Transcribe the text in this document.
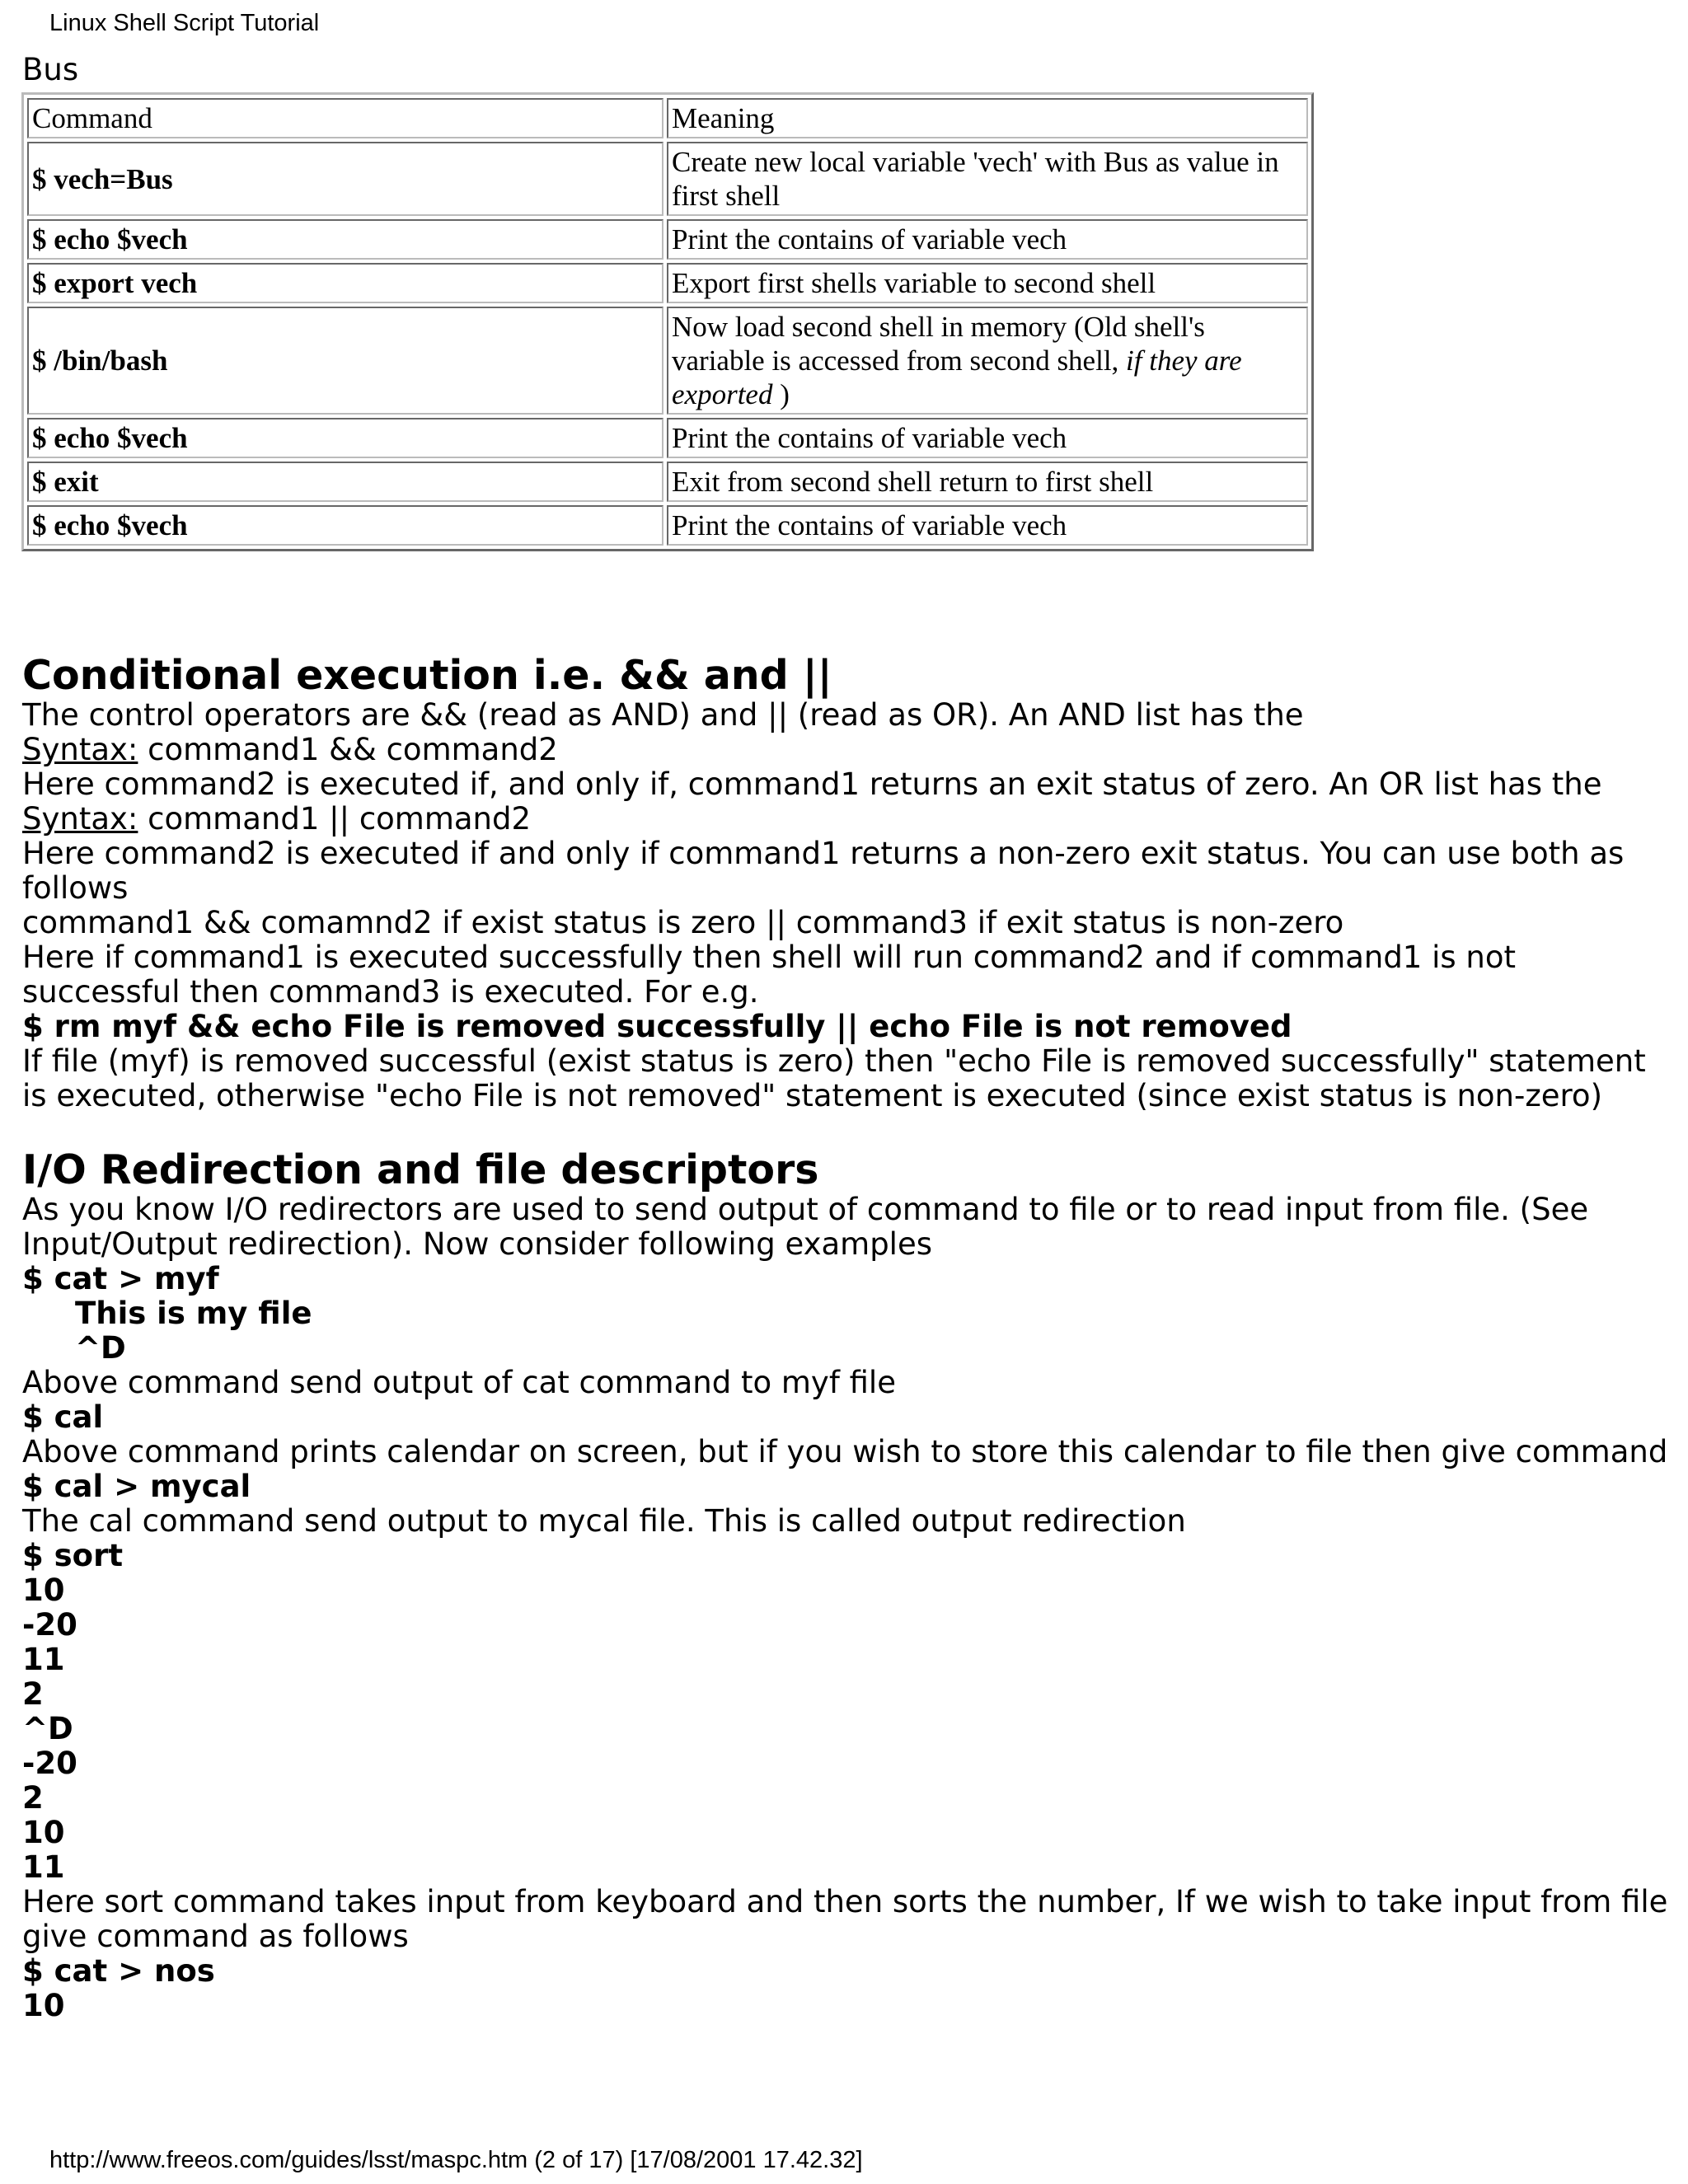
Linux Shell Script Tutorial
Bus
Command	Meaning
$ vech=Bus	Create new local variable 'vech' with Bus as value in first shell
$ echo $vech	Print the contains of variable vech
$ export vech	Export first shells variable to second shell
$ /bin/bash	Now load second shell in memory (Old shell's variable is accessed from second shell, if they are exported )
$ echo $vech	Print the contains of variable vech
$ exit	Exit from second shell return to first shell
$ echo $vech	Print the contains of variable vech
Conditional execution i.e. && and ||

The control operators are && (read as AND) and || (read as OR). An AND list has the

Syntax: command1 && command2

Here command2 is executed if, and only if, command1 returns an exit status of zero. An OR list has the

Syntax: command1 || command2

Here command2 is executed if and only if command1 returns a non-zero exit status. You can use both as follows

command1 && comamnd2 if exist status is zero || command3 if exit status is non-zero

Here if command1 is executed successfully then shell will run command2 and if command1 is not successful then command3 is executed. For e.g.

$ rm myf && echo File is removed successfully || echo File is not removed

If file (myf) is removed successful (exist status is zero) then "echo File is removed successfully" statement is executed, otherwise "echo File is not removed" statement is executed (since exist status is non-zero)

I/O Redirection and file descriptors

As you know I/O redirectors are used to send output of command to file or to read input from file. (See Input/Output redirection). Now consider following examples

$ cat > myf

This is my file

^D

Above command send output of cat command to myf file

$ cal

Above command prints calendar on screen, but if you wish to store this calendar to file then give command

$ cal > mycal

The cal command send output to mycal file. This is called output redirection

$ sort

10

-20

11

2

^D

-20

2

10

11

Here sort command takes input from keyboard and then sorts the number, If we wish to take input from file give command as follows

$ cat > nos

10

http://www.freeos.com/guides/lsst/maspc.htm (2 of 17) [17/08/2001 17.42.32]
